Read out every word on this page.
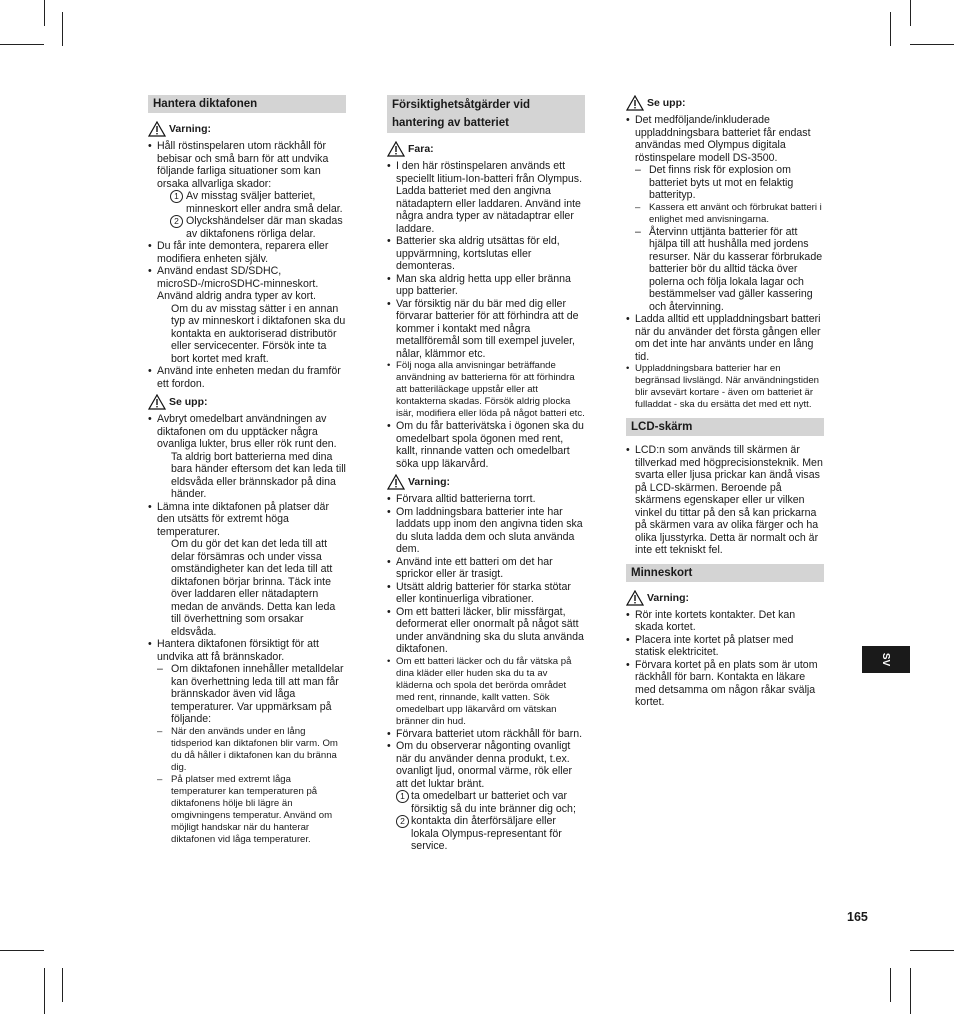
Hantera diktafonen
Varning:

• Håll röstinspelaren utom räckhåll för bebisar och små barn för att undvika följande farliga situationer som kan orsaka allvarliga skador:

1 Av misstag sväljer batteriet, minneskort eller andra små delar.
2 Olyckshändelser där man skadas av diktafonens rörliga delar.

• Du får inte demontera, reparera eller modifiera enheten själv.

• Använd endast SD/SDHC, microSD-/microSDHC-minneskort. Använd aldrig andra typer av kort.

Om du av misstag sätter i en annan typ av minneskort i diktafonen ska du kontakta en auktoriserad distributör eller servicecenter. Försök inte ta bort kortet med kraft.

• Använd inte enheten medan du framför ett fordon.

Se upp:

• Avbryt omedelbart användningen av diktafonen om du upptäcker några ovanliga lukter, brus eller rök runt den.

Ta aldrig bort batterierna med dina bara händer eftersom det kan leda till eldsvåda eller brännskador på dina händer.

• Lämna inte diktafonen på platser där den utsätts för extremt höga temperaturer.

Om du gör det kan det leda till att delar försämras och under vissa omständigheter kan det leda till att diktafonen börjar brinna. Täck inte över laddaren eller nätadaptern medan de används. Detta kan leda till överhettning som orsakar eldsvåda.

• Hantera diktafonen försiktigt för att undvika att få brännskador.

– Om diktafonen innehåller metalldelar kan överhettning leda till att man får brännskador även vid låga temperaturer. Var uppmärksam på följande:
– När den används under en lång tidsperiod kan diktafonen blir varm. Om du då håller i diktafonen kan du bränna dig.
– På platser med extremt låga temperaturer kan temperaturen på diktafonens hölje bli lägre än omgivningens temperatur. Använd om möjligt handskar när du hanterar diktafonen vid låga temperaturer.
Försiktighetsåtgärder vid hantering av batteriet
Fara:

• I den här röstinspelaren används ett speciellt litium-Ion-batteri från Olympus. Ladda batteriet med den angivna nätadaptern eller laddaren. Använd inte några andra typer av nätadaptrar eller laddare.

• Batterier ska aldrig utsättas för eld, uppvärmning, kortslutas eller demonteras.

• Man ska aldrig hetta upp eller bränna upp batterier.

• Var försiktig när du bär med dig eller förvarar batterier för att förhindra att de kommer i kontakt med några metallföremål som till exempel juveler, nålar, klämmor etc.

• Följ noga alla anvisningar beträffande användning av batterierna för att förhindra att batteriläckage uppstår eller att kontakterna skadas. Försök aldrig plocka isär, modifiera eller löda på något batteri etc.

• Om du får batterivätska i ögonen ska du omedelbart spola ögonen med rent, kallt, rinnande vatten och omedelbart söka upp läkarvård.

Varning:

• Förvara alltid batterierna torrt.

• Om laddningsbara batterier inte har laddats upp inom den angivna tiden ska du sluta ladda dem och sluta använda dem.

• Använd inte ett batteri om det har sprickor eller är trasigt.

• Utsätt aldrig batterier för starka stötar eller kontinuerliga vibrationer.

• Om ett batteri läcker, blir missfärgat, deformerat eller onormalt på något sätt under användning ska du sluta använda diktafonen.

• Om ett batteri läcker och du får vätska på dina kläder eller huden ska du ta av kläderna och spola det berörda området med rent, rinnande, kallt vatten. Sök omedelbart upp läkarvård om vätskan bränner din hud.

• Förvara batteriet utom räckhåll för barn.

• Om du observerar någonting ovanligt när du använder denna produkt, t.ex. ovanligt ljud, onormal värme, rök eller att det luktar bränt.

1 ta omedelbart ur batteriet och var försiktig så du inte bränner dig och;
2 kontakta din återförsäljare eller lokala Olympus-representant för service.
Se upp:

• Det medföljande/inkluderade uppladdningsbara batteriet får endast användas med Olympus digitala röstinspelare modell DS-3500.

– Det finns risk för explosion om batteriet byts ut mot en felaktig batterityp.
– Kassera ett använt och förbrukat batteri i enlighet med anvisningarna.
– Återvinn uttjänta batterier för att hjälpa till att hushålla med jordens resurser. När du kasserar förbrukade batterier bör du alltid täcka över polerna och följa lokala lagar och bestämmelser vad gäller kassering och återvinning.

• Ladda alltid ett uppladdningsbart batteri när du använder det första gången eller om det inte har använts under en lång tid.

• Uppladdningsbara batterier har en begränsad livslängd. När användningstiden blir avsevärt kortare - även om batteriet är fulladdat - ska du ersätta det med ett nytt.

LCD-skärm

• LCD:n som används till skärmen är tillverkad med högprecisionsteknik. Men svarta eller ljusa prickar kan ändå visas på LCD-skärmen. Beroende på skärmens egenskaper eller ur vilken vinkel du tittar på den så kan prickarna på skärmen vara av olika färger och ha olika ljusstyrka. Detta är normalt och är inte ett tekniskt fel.

Minneskort
Varning:

• Rör inte kortets kontakter. Det kan skada kortet.

• Placera inte kortet på platser med statisk elektricitet.

• Förvara kortet på en plats som är utom räckhåll för barn. Kontakta en läkare med detsamma om någon råkar svälja kortet.

SV
165
